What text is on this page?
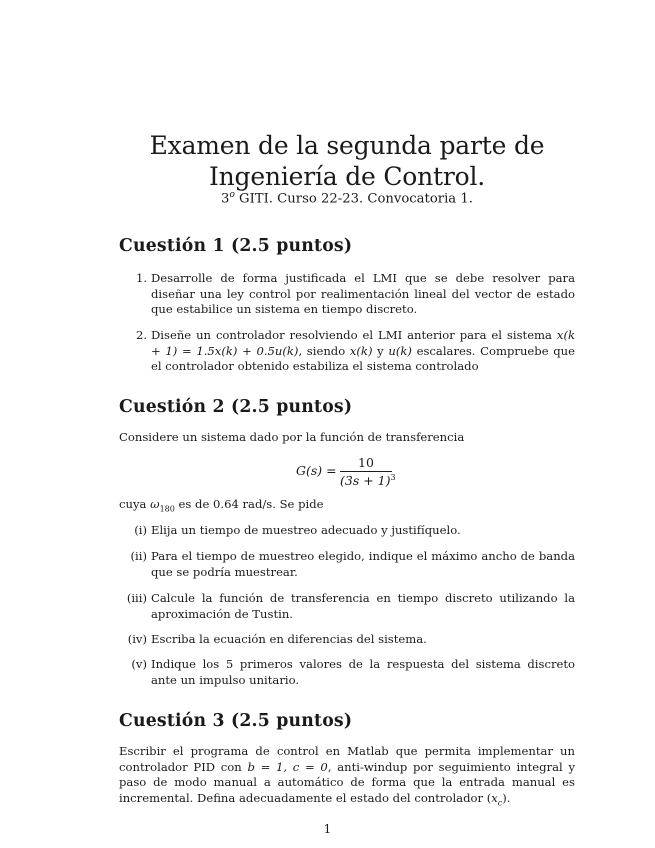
Examen de la segunda parte de Ingeniería de Control.
3$^o$ GITI. Curso 22-23. Convocatoria 1.
Cuestión 1 (2.5 puntos)
1. Desarrolle de forma justificada el LMI que se debe resolver para diseñar una ley control por realimentación lineal del vector de estado que estabilice un sistema en tiempo discreto.
2. Diseñe un controlador resolviendo el LMI anterior para el sistema x(k + 1) = 1.5x(k) + 0.5u(k), siendo x(k) y u(k) escalares. Compruebe que el controlador obtenido estabiliza el sistema controlado
Cuestión 2 (2.5 puntos)
Considere un sistema dado por la función de transferencia
G(s) =
10
$(3s + 1)^3$
cuya $\omega_{180}$ es de 0.64 rad/s. Se pide
(i) Elija un tiempo de muestreo adecuado y justifíquelo.
(ii) Para el tiempo de muestreo elegido, indique el máximo ancho de banda que se podría muestrear.
(iii) Calcule la función de transferencia en tiempo discreto utilizando la aproximación de Tustin.
(iv) Escriba la ecuación en diferencias del sistema.
(v) Indique los 5 primeros valores de la respuesta del sistema discreto ante un impulso unitario.
Cuestión 3 (2.5 puntos)
Escribir el programa de control en Matlab que permita implementar un controlador PID con b = 1, c = 0, anti-windup por seguimiento integral y paso de modo manual a automático de forma que la entrada manual es incremental. Defina adecuadamente el estado del controlador $(x_c)$.
1
